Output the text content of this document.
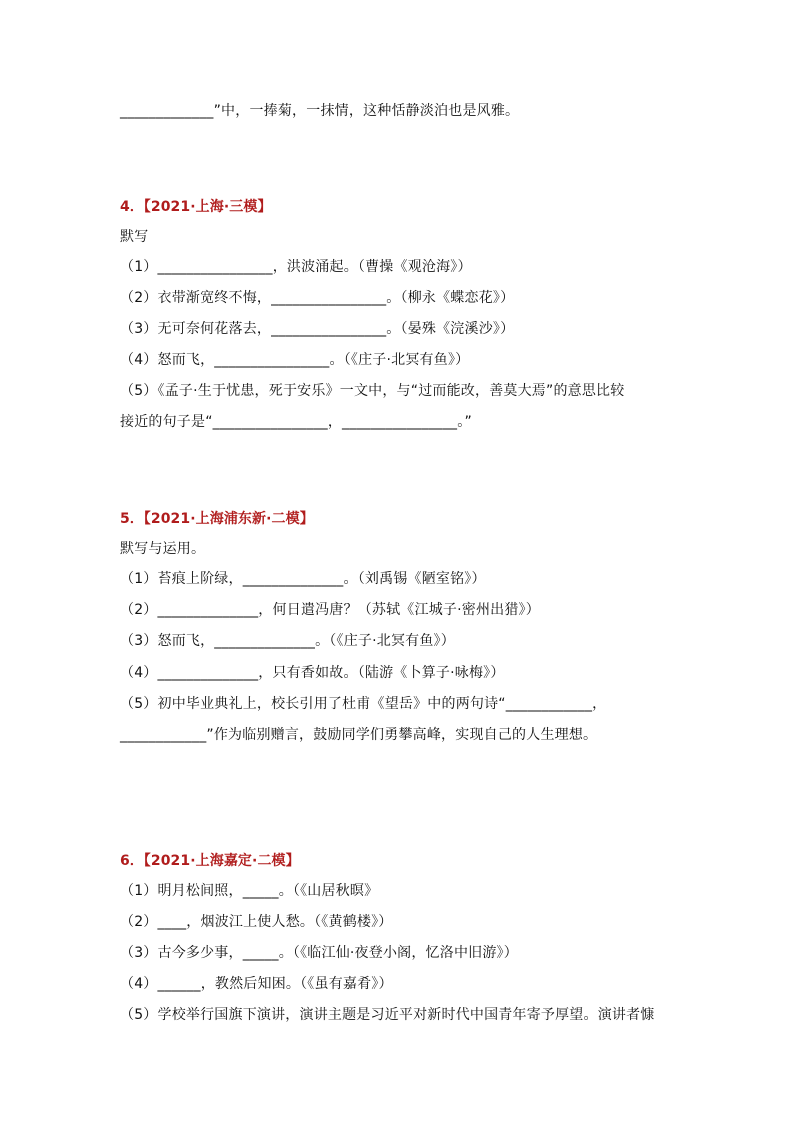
_____________”中，一捧菊，一抹情，这种恬静淡泊也是风雅。
4．【2021·上海·三模】
默写
（1）________________，洪波涌起。（曹操《观沧海》）
（2）衣带渐宽终不悔，________________。（柳永《蝶恋花》）
（3）无可奈何花落去，________________。（晏殊《浣溪沙》）
（4）怒而飞，________________。（《庄子·北冥有鱼》）
（5）《孟子·生于忧患，死于安乐》一文中，与“过而能改，善莫大焉”的意思比较
接近的句子是“________________，________________。”
5．【2021·上海浦东新·二模】
默写与运用。
（1）苔痕上阶绿，______________。（刘禹锡《陋室铭》）
（2）______________，何日遣冯唐？（苏轼《江城子·密州出猎》）
（3）怒而飞，______________。（《庄子·北冥有鱼》）
（4）______________，只有香如故。（陆游《卜算子·咏梅》）
（5）初中毕业典礼上，校长引用了杜甫《望岳》中的两句诗“____________，
____________”作为临别赠言，鼓励同学们勇攀高峰，实现自己的人生理想。
6．【2021·上海嘉定·二模】
（1）明月松间照，_____。（《山居秋暝》
（2）____，烟波江上使人愁。（《黄鹤楼》）
（3）古今多少事，_____。（《临江仙·夜登小阁，忆洛中旧游》）
（4）______，教然后知困。（《虽有嘉肴》）
（5）学校举行国旗下演讲，演讲主题是习近平对新时代中国青年寄予厚望。演讲者慷
